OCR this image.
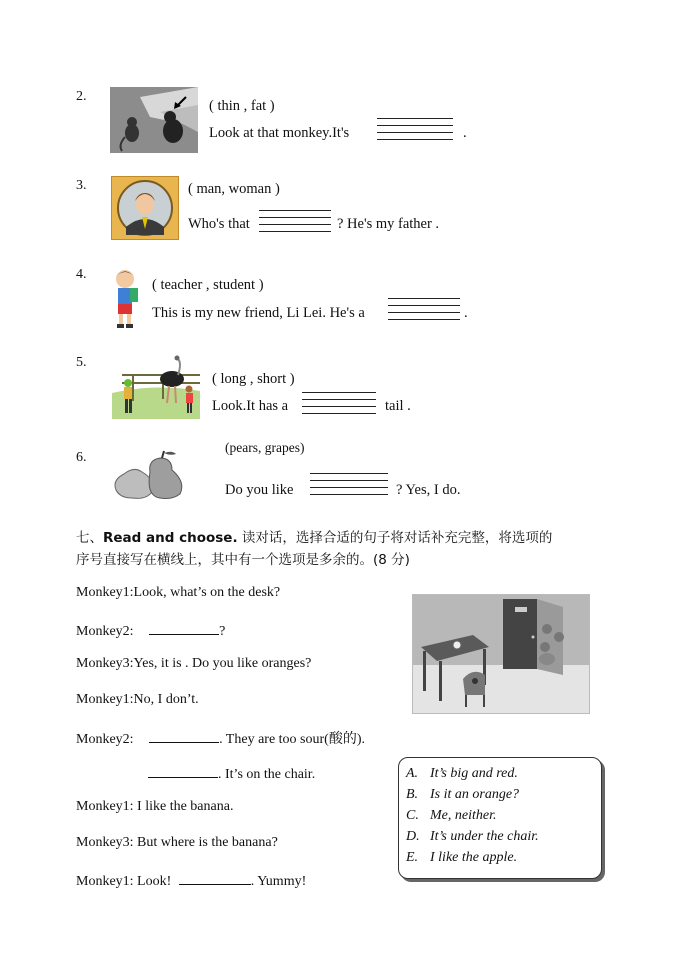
2.
( thin , fat )
Look at that monkey.It's	.
3.	( man, woman )
Who's that	? He's my father .
4.
( teacher , student )
This is my new friend, Li Lei. He's a	.
5.
( long , short )
Look.It has a	tail .
6.
(pears, grapes)
Do you like	? Yes, I do.
七、Read and choose. 读对话，选择合适的句子将对话补充完整，将选项的
序号直接写在横线上，其中有一个选项是多余的。(8 分)
Monkey1:Look, what’s on the desk?
Monkey2:	?
Monkey3:Yes, it is . Do you like oranges?
Monkey1:No, I don’t.
Monkey2:	. They are too sour(酸的).
. It’s on the chair.
Monkey1: I like the banana.
Monkey3: But where is the banana?
Monkey1: Look!	. Yummy!
A. It’s big and red.
B. Is it an orange?
C. Me, neither.
D. It’s under the chair.
E. I like the apple.
